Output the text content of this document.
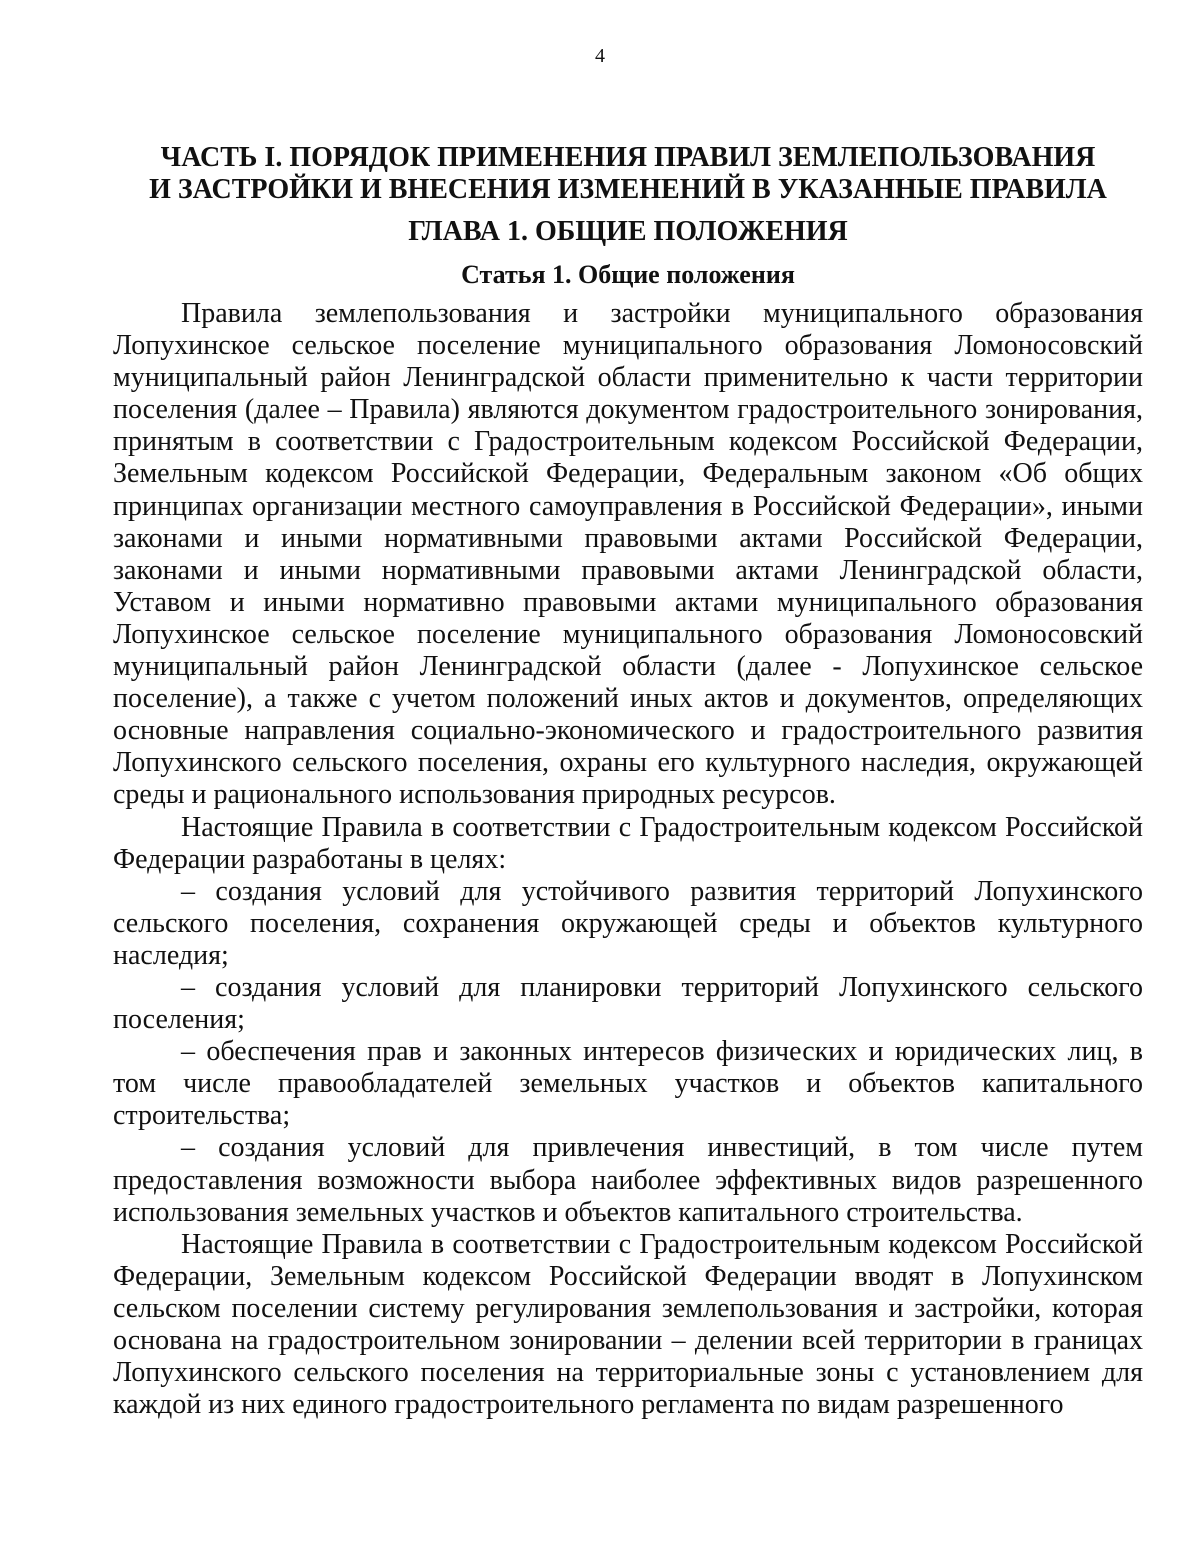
4
ЧАСТЬ I. ПОРЯДОК ПРИМЕНЕНИЯ ПРАВИЛ ЗЕМЛЕПОЛЬЗОВАНИЯ
И ЗАСТРОЙКИ И ВНЕСЕНИЯ ИЗМЕНЕНИЙ В УКАЗАННЫЕ ПРАВИЛА
ГЛАВА 1. ОБЩИЕ ПОЛОЖЕНИЯ
Статья 1. Общие положения

Правила землепользования и застройки муниципального образования Лопухинское сельское поселение муниципального образования Ломоносовский муниципальный район Ленинградской области применительно к части территории поселения (далее – Правила) являются документом градостроительного зонирования, принятым в соответствии с Градостроительным кодексом Российской Федерации, Земельным кодексом Российской Федерации, Федеральным законом «Об общих принципах организации местного самоуправления в Российской Федерации», иными законами и иными нормативными правовыми актами Российской Федерации, законами и иными нормативными правовыми актами Ленинградской области, Уставом и иными нормативно правовыми актами муниципального образования Лопухинское сельское поселение муниципального образования Ломоносовский муниципальный район Ленинградской области (далее - Лопухинское сельское поселение), а также с учетом положений иных актов и документов, определяющих основные направления социально-экономического и градостроительного развития Лопухинского сельского поселения, охраны его культурного наследия, окружающей среды и рационального использования природных ресурсов.

Настоящие Правила в соответствии с Градостроительным кодексом Российской Федерации разработаны в целях:

– создания условий для устойчивого развития территорий Лопухинского сельского поселения, сохранения окружающей среды и объектов культурного наследия;

– создания условий для планировки территорий Лопухинского сельского поселения;

– обеспечения прав и законных интересов физических и юридических лиц, в том числе правообладателей земельных участков и объектов капитального строительства;

– создания условий для привлечения инвестиций, в том числе путем предоставления возможности выбора наиболее эффективных видов разрешенного использования земельных участков и объектов капитального строительства.

Настоящие Правила в соответствии с Градостроительным кодексом Российской Федерации, Земельным кодексом Российской Федерации вводят в Лопухинском сельском поселении систему регулирования землепользования и застройки, которая основана на градостроительном зонировании – делении всей территории в границах Лопухинского сельского поселения на территориальные зоны с установлением для каждой из них единого градостроительного регламента по видам разрешенного
